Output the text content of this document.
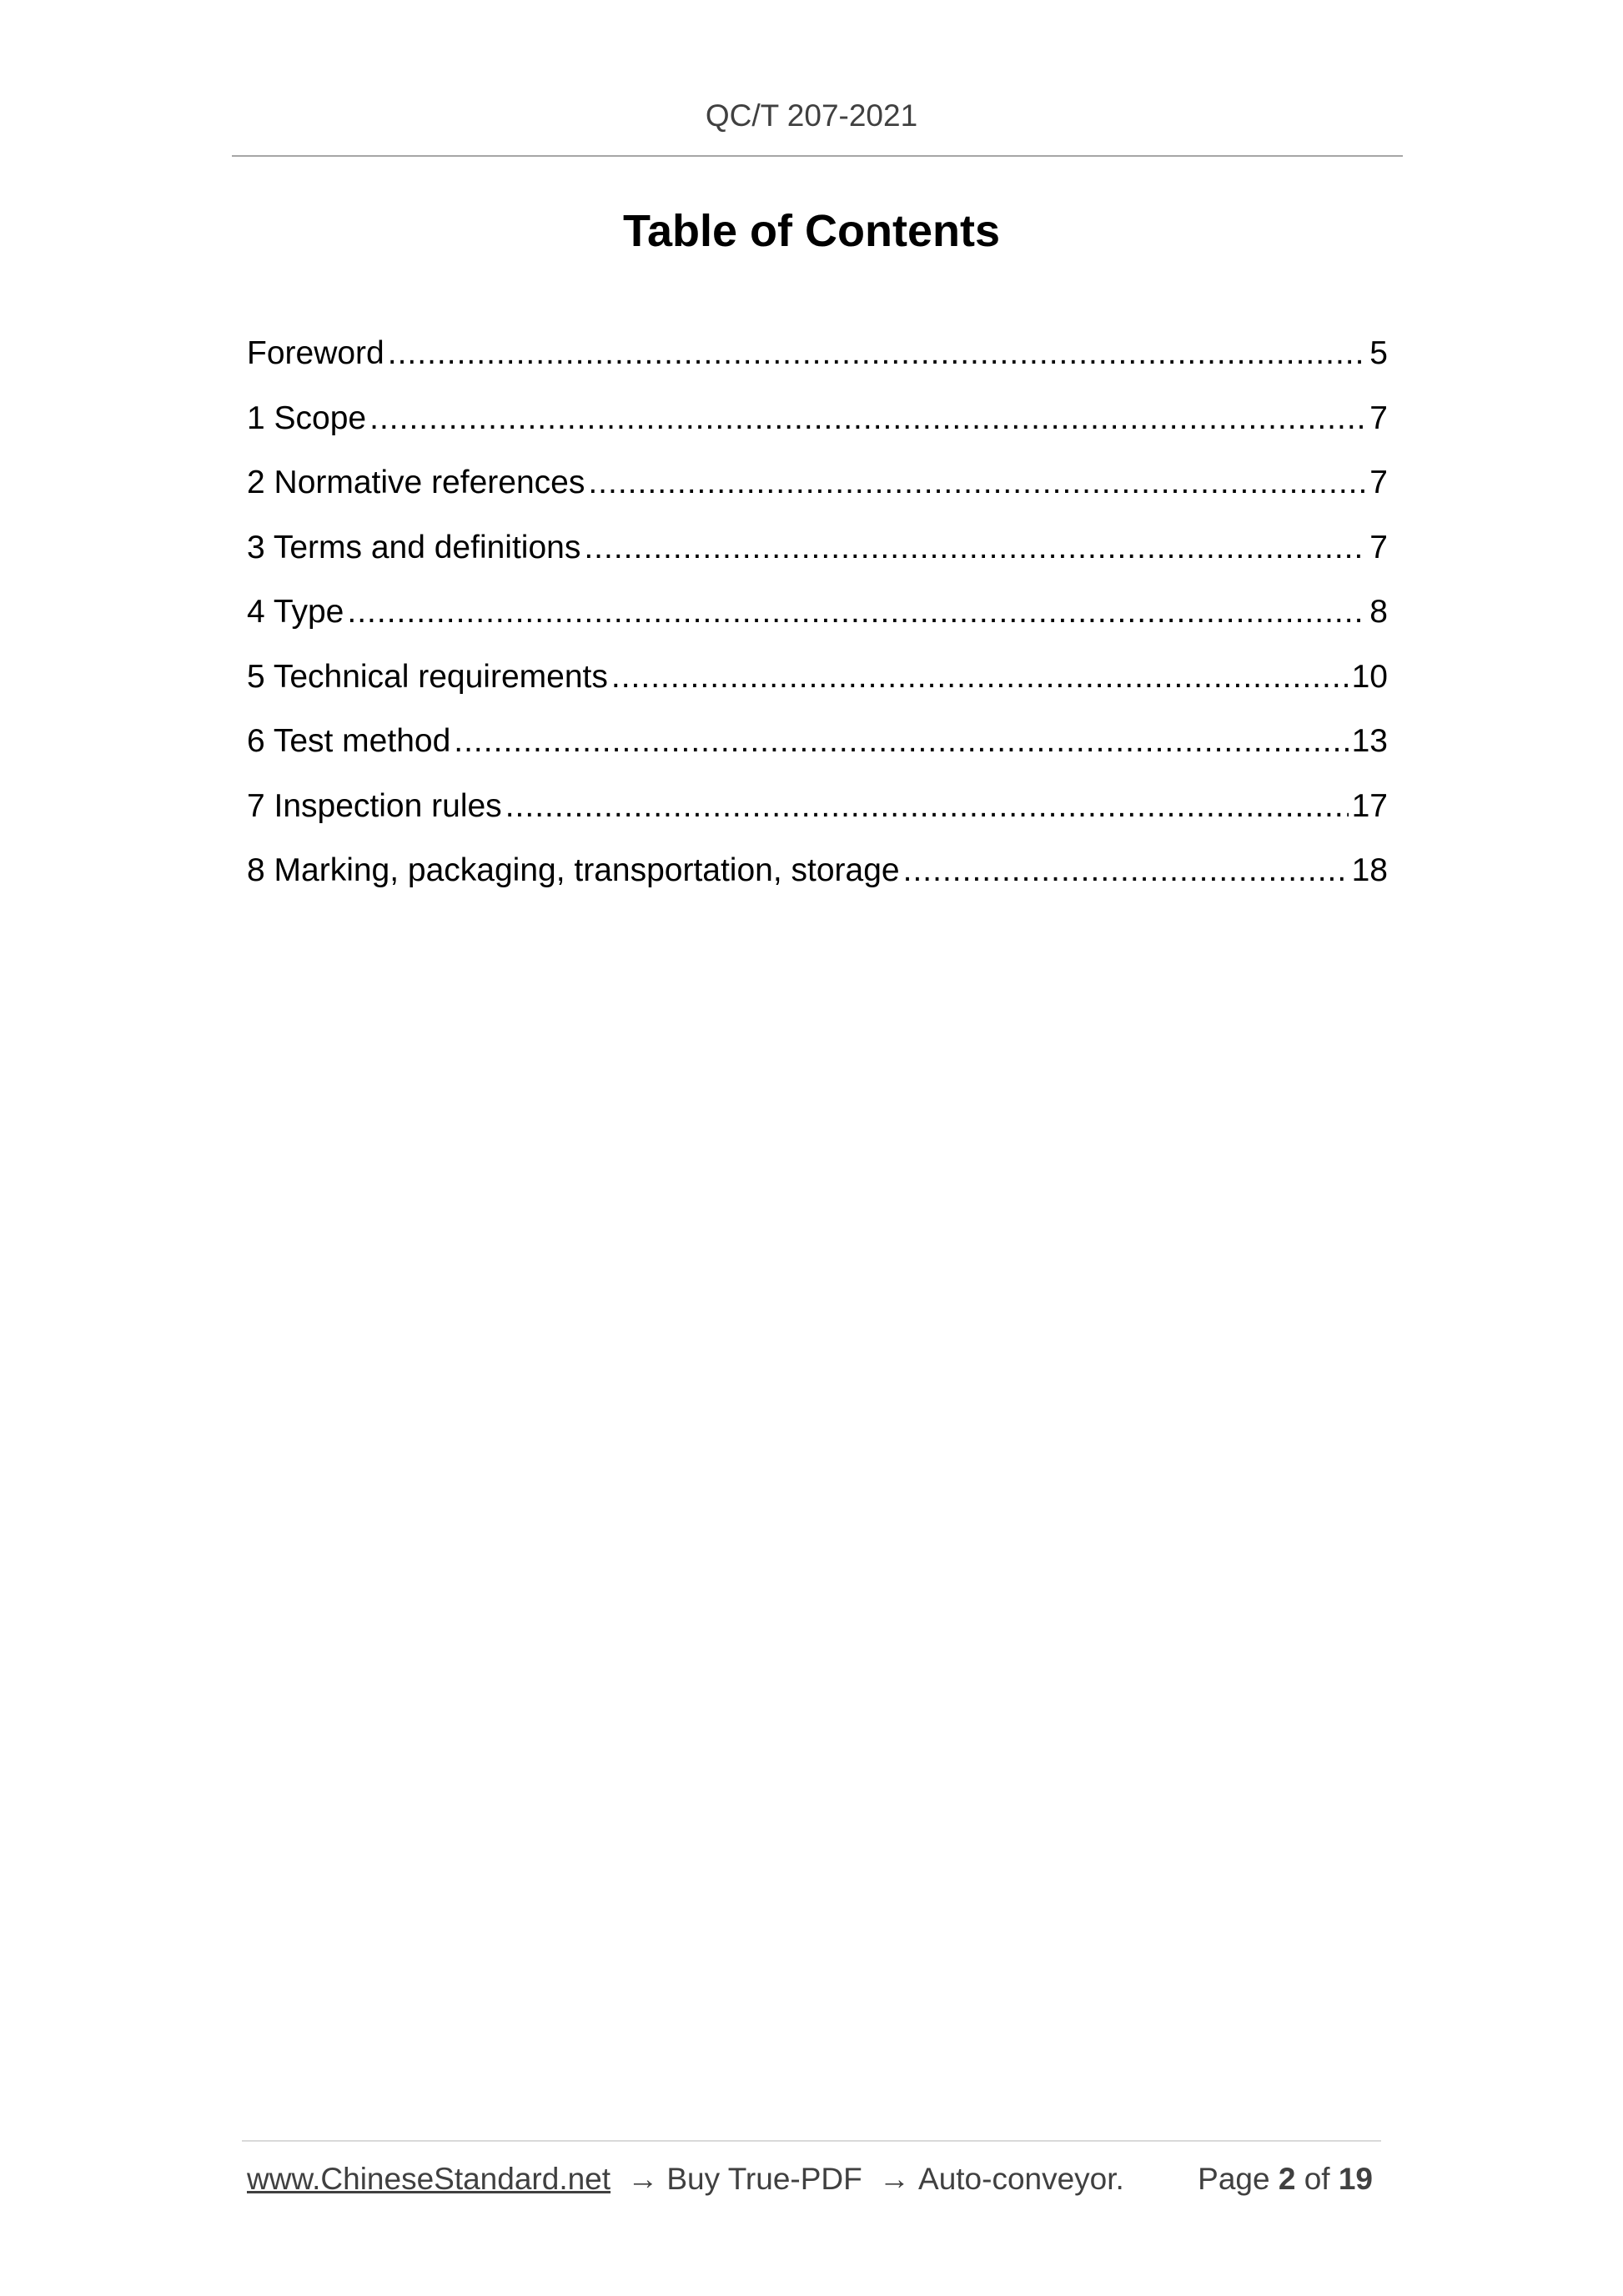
QC/T 207-2021
Table of Contents
Foreword .....	5
1 Scope .....	7
2 Normative references .....	7
3 Terms and definitions .....	7
4 Type .....	8
5 Technical requirements .....	10
6 Test method .....	13
7 Inspection rules .....	17
8 Marking, packaging, transportation, storage .....	18
www.ChineseStandard.net → Buy True-PDF → Auto-conveyor. Page 2 of 19
